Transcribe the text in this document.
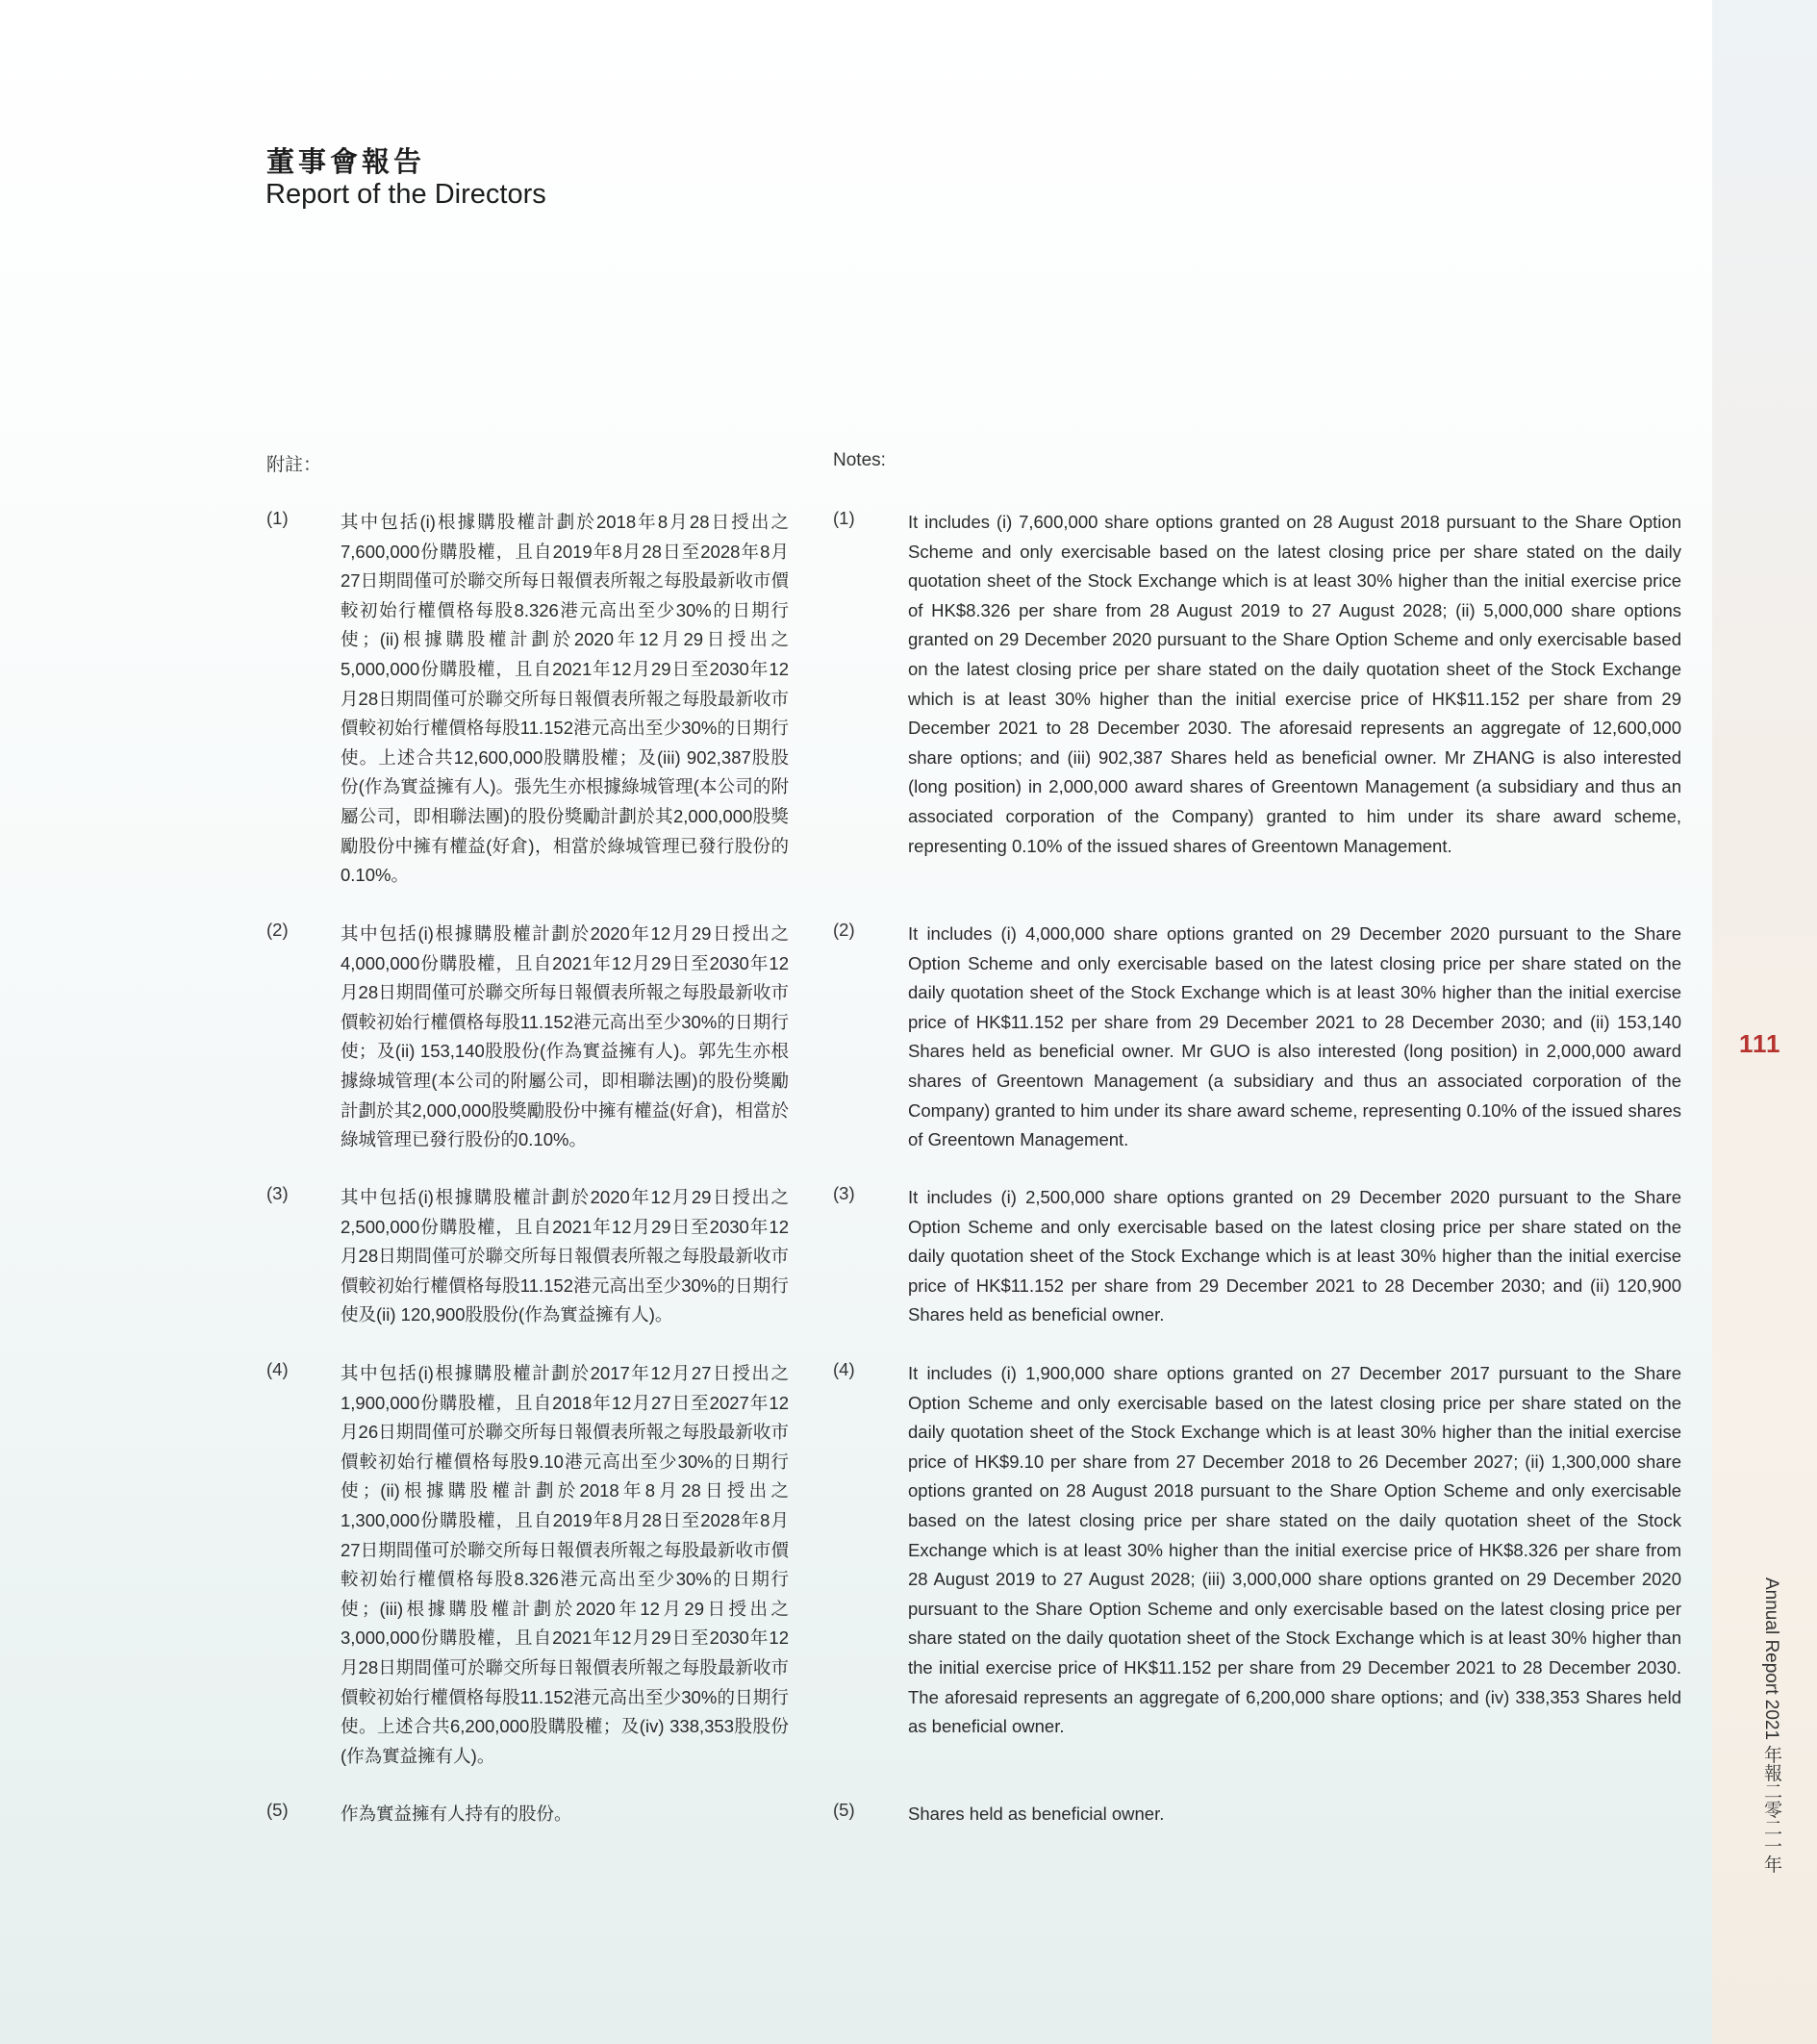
董事會報告
Report of the Directors
附註：	Notes:
(1)	其中包括(i)根據購股權計劃於2018年8月28日授出之7,600,000份購股權，且自2019年8月28日至2028年8月27日期間僅可於聯交所每日報價表所報之每股最新收市價較初始行權價格每股8.326港元高出至少30%的日期行使；(ii)根據購股權計劃於2020年12月29日授出之5,000,000份購股權，且自2021年12月29日至2030年12月28日期間僅可於聯交所每日報價表所報之每股最新收市價較初始行權價格每股11.152港元高出至少30%的日期行使。上述合共12,600,000股購股權；及(iii) 902,387股股份(作為實益擁有人)。張先生亦根據綠城管理(本公司的附屬公司，即相聯法團)的股份獎勵計劃於其2,000,000股獎勵股份中擁有權益(好倉)，相當於綠城管理已發行股份的0.10%。
(2)	其中包括(i)根據購股權計劃於2020年12月29日授出之4,000,000份購股權，且自2021年12月29日至2030年12月28日期間僅可於聯交所每日報價表所報之每股最新收市價較初始行權價格每股11.152港元高出至少30%的日期行使；及(ii) 153,140股股份(作為實益擁有人)。郭先生亦根據綠城管理(本公司的附屬公司，即相聯法團)的股份獎勵計劃於其2,000,000股獎勵股份中擁有權益(好倉)，相當於綠城管理已發行股份的0.10%。
(3)	其中包括(i)根據購股權計劃於2020年12月29日授出之2,500,000份購股權，且自2021年12月29日至2030年12月28日期間僅可於聯交所每日報價表所報之每股最新收市價較初始行權價格每股11.152港元高出至少30%的日期行使及(ii) 120,900股股份(作為實益擁有人)。
(4)	其中包括(i)根據購股權計劃於2017年12月27日授出之1,900,000份購股權，且自2018年12月27日至2027年12月26日期間僅可於聯交所每日報價表所報之每股最新收市價較初始行權價格每股9.10港元高出至少30%的日期行使；(ii)根據購股權計劃於2018年8月28日授出之1,300,000份購股權，且自2019年8月28日至2028年8月27日期間僅可於聯交所每日報價表所報之每股最新收市價較初始行權價格每股8.326港元高出至少30%的日期行使；(iii)根據購股權計劃於2020年12月29日授出之3,000,000份購股權，且自2021年12月29日至2030年12月28日期間僅可於聯交所每日報價表所報之每股最新收市價較初始行權價格每股11.152港元高出至少30%的日期行使。上述合共6,200,000股購股權；及(iv) 338,353股股份(作為實益擁有人)。
(5)	作為實益擁有人持有的股份。
(1)	It includes (i) 7,600,000 share options granted on 28 August 2018 pursuant to the Share Option Scheme and only exercisable based on the latest closing price per share stated on the daily quotation sheet of the Stock Exchange which is at least 30% higher than the initial exercise price of HK$8.326 per share from 28 August 2019 to 27 August 2028; (ii) 5,000,000 share options granted on 29 December 2020 pursuant to the Share Option Scheme and only exercisable based on the latest closing price per share stated on the daily quotation sheet of the Stock Exchange which is at least 30% higher than the initial exercise price of HK$11.152 per share from 29 December 2021 to 28 December 2030. The aforesaid represents an aggregate of 12,600,000 share options; and (iii) 902,387 Shares held as beneficial owner. Mr ZHANG is also interested (long position) in 2,000,000 award shares of Greentown Management (a subsidiary and thus an associated corporation of the Company) granted to him under its share award scheme, representing 0.10% of the issued shares of Greentown Management.
(2)	It includes (i) 4,000,000 share options granted on 29 December 2020 pursuant to the Share Option Scheme and only exercisable based on the latest closing price per share stated on the daily quotation sheet of the Stock Exchange which is at least 30% higher than the initial exercise price of HK$11.152 per share from 29 December 2021 to 28 December 2030; and (ii) 153,140 Shares held as beneficial owner. Mr GUO is also interested (long position) in 2,000,000 award shares of Greentown Management (a subsidiary and thus an associated corporation of the Company) granted to him under its share award scheme, representing 0.10% of the issued shares of Greentown Management.
(3)	It includes (i) 2,500,000 share options granted on 29 December 2020 pursuant to the Share Option Scheme and only exercisable based on the latest closing price per share stated on the daily quotation sheet of the Stock Exchange which is at least 30% higher than the initial exercise price of HK$11.152 per share from 29 December 2021 to 28 December 2030; and (ii) 120,900 Shares held as beneficial owner.
(4)	It includes (i) 1,900,000 share options granted on 27 December 2017 pursuant to the Share Option Scheme and only exercisable based on the latest closing price per share stated on the daily quotation sheet of the Stock Exchange which is at least 30% higher than the initial exercise price of HK$9.10 per share from 27 December 2018 to 26 December 2027; (ii) 1,300,000 share options granted on 28 August 2018 pursuant to the Share Option Scheme and only exercisable based on the latest closing price per share stated on the daily quotation sheet of the Stock Exchange which is at least 30% higher than the initial exercise price of HK$8.326 per share from 28 August 2019 to 27 August 2028; (iii) 3,000,000 share options granted on 29 December 2020 pursuant to the Share Option Scheme and only exercisable based on the latest closing price per share stated on the daily quotation sheet of the Stock Exchange which is at least 30% higher than the initial exercise price of HK$11.152 per share from 29 December 2021 to 28 December 2030. The aforesaid represents an aggregate of 6,200,000 share options; and (iv) 338,353 Shares held as beneficial owner.
(5)	Shares held as beneficial owner.
111
Annual Report 2021 年報二零二一年
